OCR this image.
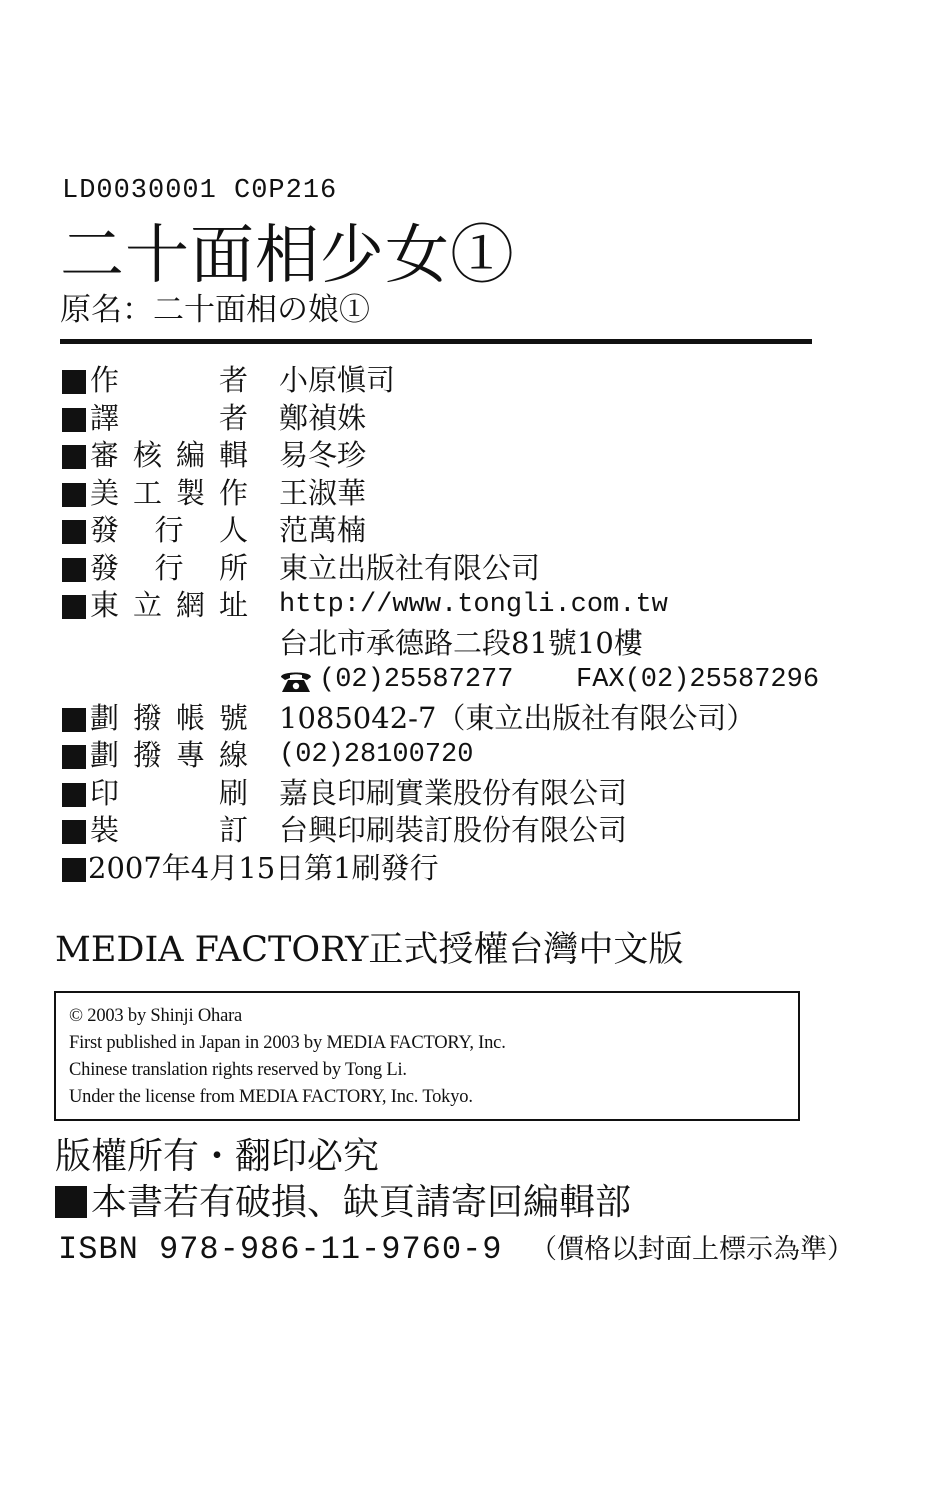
LD0030001 C0P216
二十面相少女①
原名：二十面相の娘①
作者 小原愼司
譯者 鄭禎姝
審核編輯 易冬珍
美工製作 王淑華
發行人 范萬楠
發行所 東立出版社有限公司
東立網址 http://www.tongli.com.tw
台北市承德路二段81號10樓
(02)25587277 FAX(02)25587296
劃撥帳號 1085042-7（東立出版社有限公司）
劃撥專線 (02)28100720
印刷 嘉良印刷實業股份有限公司
裝訂 台興印刷裝訂股份有限公司
2007年4月15日第1刷發行
MEDIA FACTORY正式授權台灣中文版
© 2003 by Shinji Ohara
First published in Japan in 2003 by MEDIA FACTORY, Inc.
Chinese translation rights reserved by Tong Li.
Under the license from MEDIA FACTORY, Inc. Tokyo.
版權所有・翻印必究
本書若有破損、缺頁請寄回編輯部
ISBN 978-986-11-9760-9 （價格以封面上標示為準）
